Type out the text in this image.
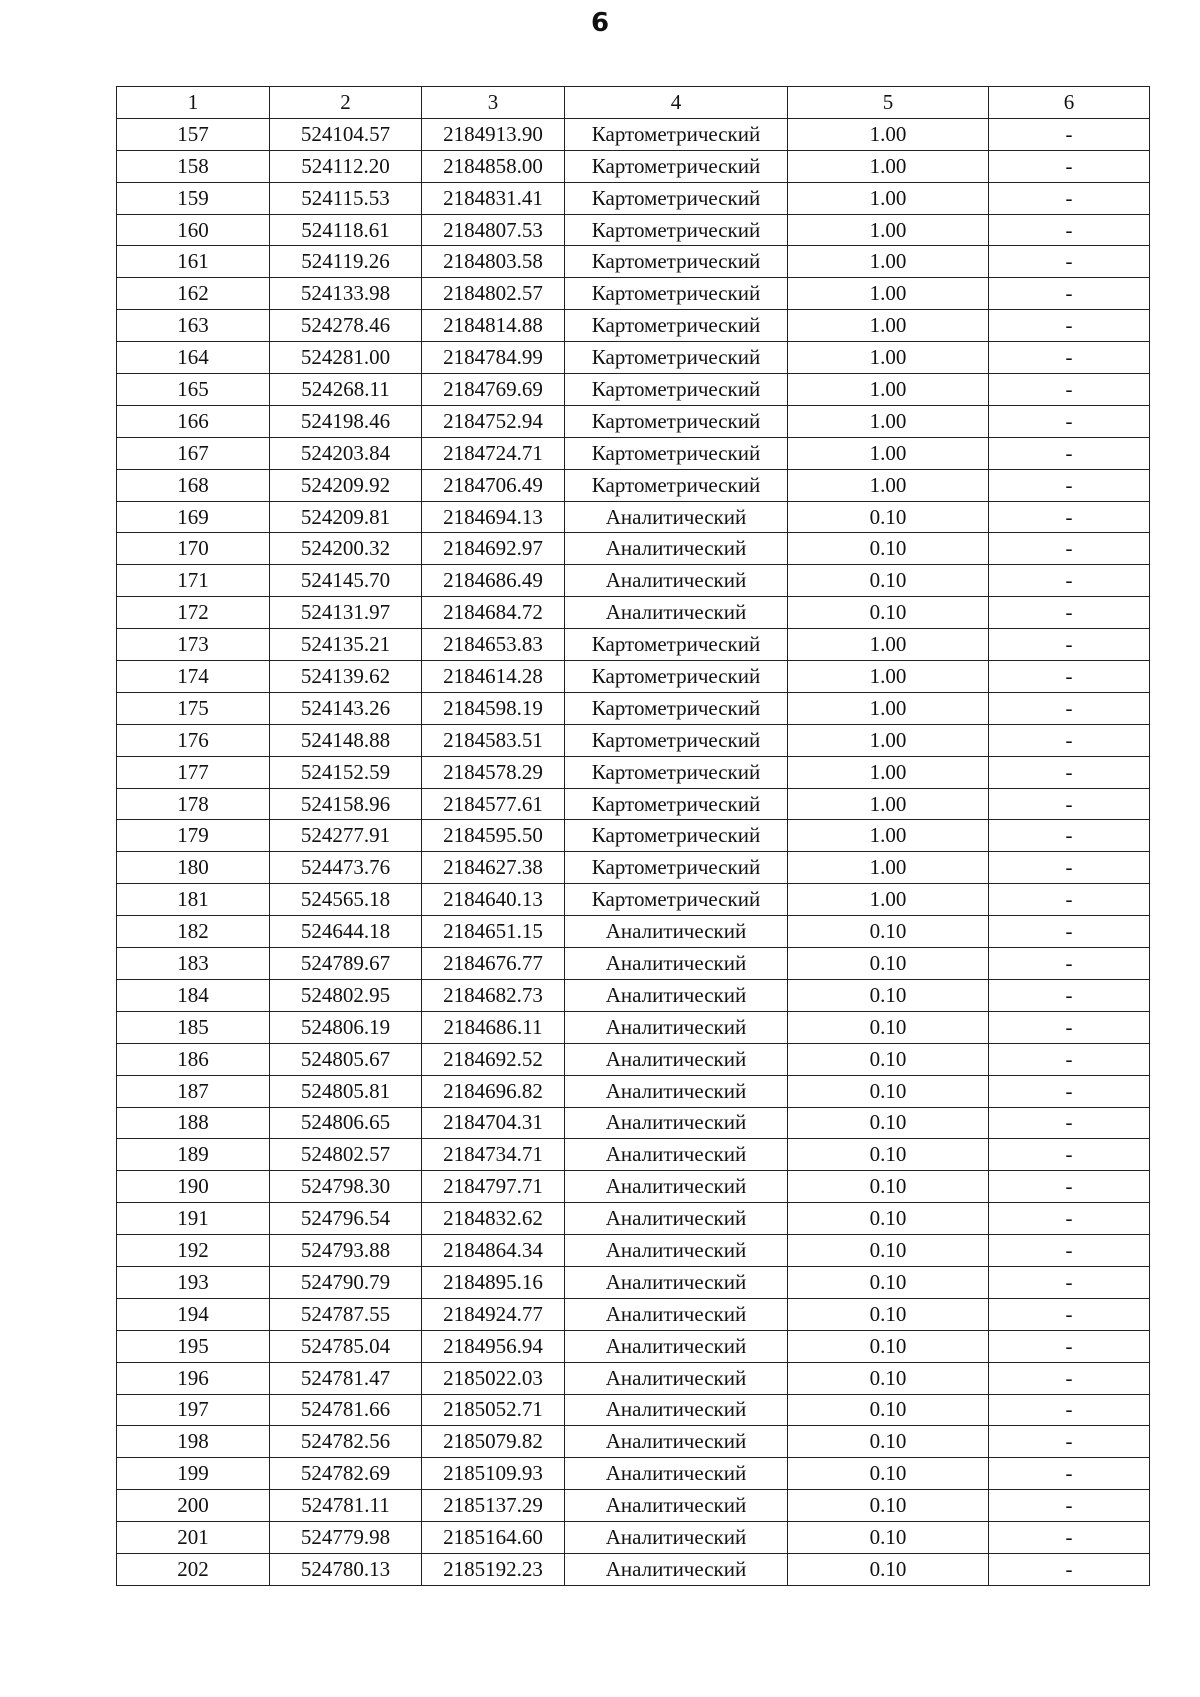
6
1	2	3	4	5	6
157	524104.57	2184913.90	Картометрический	1.00	-
158	524112.20	2184858.00	Картометрический	1.00	-
159	524115.53	2184831.41	Картометрический	1.00	-
160	524118.61	2184807.53	Картометрический	1.00	-
161	524119.26	2184803.58	Картометрический	1.00	-
162	524133.98	2184802.57	Картометрический	1.00	-
163	524278.46	2184814.88	Картометрический	1.00	-
164	524281.00	2184784.99	Картометрический	1.00	-
165	524268.11	2184769.69	Картометрический	1.00	-
166	524198.46	2184752.94	Картометрический	1.00	-
167	524203.84	2184724.71	Картометрический	1.00	-
168	524209.92	2184706.49	Картометрический	1.00	-
169	524209.81	2184694.13	Аналитический	0.10	-
170	524200.32	2184692.97	Аналитический	0.10	-
171	524145.70	2184686.49	Аналитический	0.10	-
172	524131.97	2184684.72	Аналитический	0.10	-
173	524135.21	2184653.83	Картометрический	1.00	-
174	524139.62	2184614.28	Картометрический	1.00	-
175	524143.26	2184598.19	Картометрический	1.00	-
176	524148.88	2184583.51	Картометрический	1.00	-
177	524152.59	2184578.29	Картометрический	1.00	-
178	524158.96	2184577.61	Картометрический	1.00	-
179	524277.91	2184595.50	Картометрический	1.00	-
180	524473.76	2184627.38	Картометрический	1.00	-
181	524565.18	2184640.13	Картометрический	1.00	-
182	524644.18	2184651.15	Аналитический	0.10	-
183	524789.67	2184676.77	Аналитический	0.10	-
184	524802.95	2184682.73	Аналитический	0.10	-
185	524806.19	2184686.11	Аналитический	0.10	-
186	524805.67	2184692.52	Аналитический	0.10	-
187	524805.81	2184696.82	Аналитический	0.10	-
188	524806.65	2184704.31	Аналитический	0.10	-
189	524802.57	2184734.71	Аналитический	0.10	-
190	524798.30	2184797.71	Аналитический	0.10	-
191	524796.54	2184832.62	Аналитический	0.10	-
192	524793.88	2184864.34	Аналитический	0.10	-
193	524790.79	2184895.16	Аналитический	0.10	-
194	524787.55	2184924.77	Аналитический	0.10	-
195	524785.04	2184956.94	Аналитический	0.10	-
196	524781.47	2185022.03	Аналитический	0.10	-
197	524781.66	2185052.71	Аналитический	0.10	-
198	524782.56	2185079.82	Аналитический	0.10	-
199	524782.69	2185109.93	Аналитический	0.10	-
200	524781.11	2185137.29	Аналитический	0.10	-
201	524779.98	2185164.60	Аналитический	0.10	-
202	524780.13	2185192.23	Аналитический	0.10	-
